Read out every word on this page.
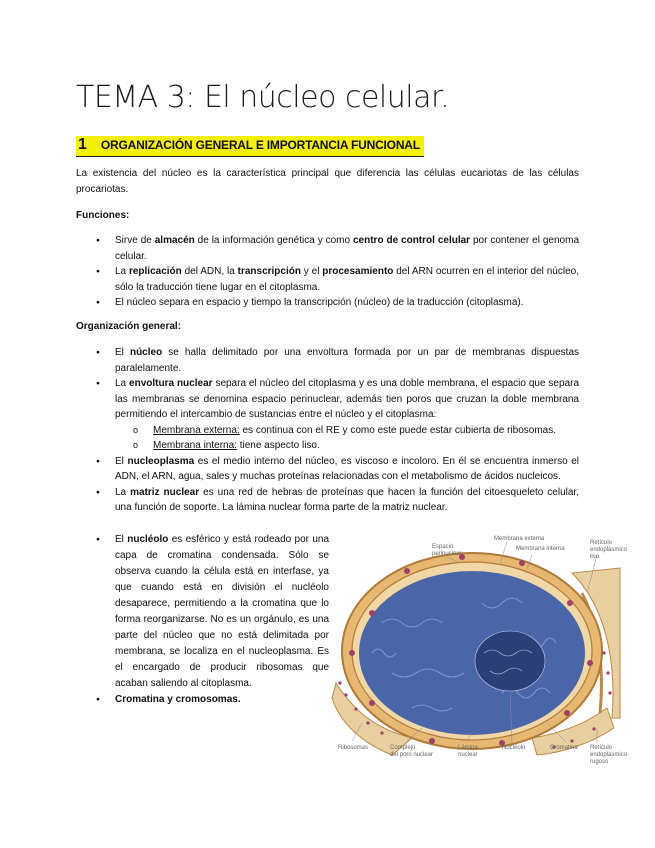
TEMA 3: El núcleo celular.
1 ORGANIZACIÓN GENERAL E IMPORTANCIA FUNCIONAL

La existencia del núcleo es la característica principal que diferencia las células eucariotas de las células procariotas.

Funciones:
● Sirve de almacén de la información genética y como centro de control celular por contener el genoma celular.
● La replicación del ADN, la transcripción y el procesamiento del ARN ocurren en el interior del núcleo, sólo la traducción tiene lugar en el citoplasma.
● El núcleo separa en espacio y tiempo la transcripción (núcleo) de la traducción (citoplasma).
Organización general:
● El núcleo se halla delimitado por una envoltura formada por un par de membranas dispuestas paralelamente.
● La envoltura nuclear separa el núcleo del citoplasma y es una doble membrana, el espacio que separa las membranas se denomina espacio perinuclear, además tien poros que cruzan la doble membrana permitiendo el intercambio de sustancias entre el núcleo y el citoplasma:
o Membrana externa: es continua con el RE y como este puede estar cubierta de ribosomas.
o Membrana interna: tiene aspecto liso.
● El nucleoplasma es el medio interno del núcleo, es viscoso e incoloro. En él se encuentra inmerso el ADN, el ARN, agua, sales y muchas proteínas relacionadas con el metabolismo de ácidos nucleicos.
● La matriz nuclear es una red de hebras de proteínas que hacen la función del citoesqueleto celular, una función de soporte. La lámina nuclear forma parte de la matriz nuclear.
● El nucléolo es esférico y está rodeado por una capa de cromatina condensada. Sólo se observa cuando la célula está en interfase, ya que cuando está en división el nucléolo desaparece, permitiendo a la cromatina que lo forma reorganizarse. No es un orgánulo, es una parte del núcleo que no está delimitada por membrana, se localiza en el nucleoplasma. Es el encargado de producir ribosomas que acaban saliendo al citoplasma.
● Cromatina y cromosomas.
Membrana externa
Espacio
perinuclear
Membrana interna
Retículo
endoplásmico
liso
Ribosomas	Complejo
del poro nuclear
Lámina
nuclear
Nucléolo	Cromatina Retículo
endoplásmico
rugoso
